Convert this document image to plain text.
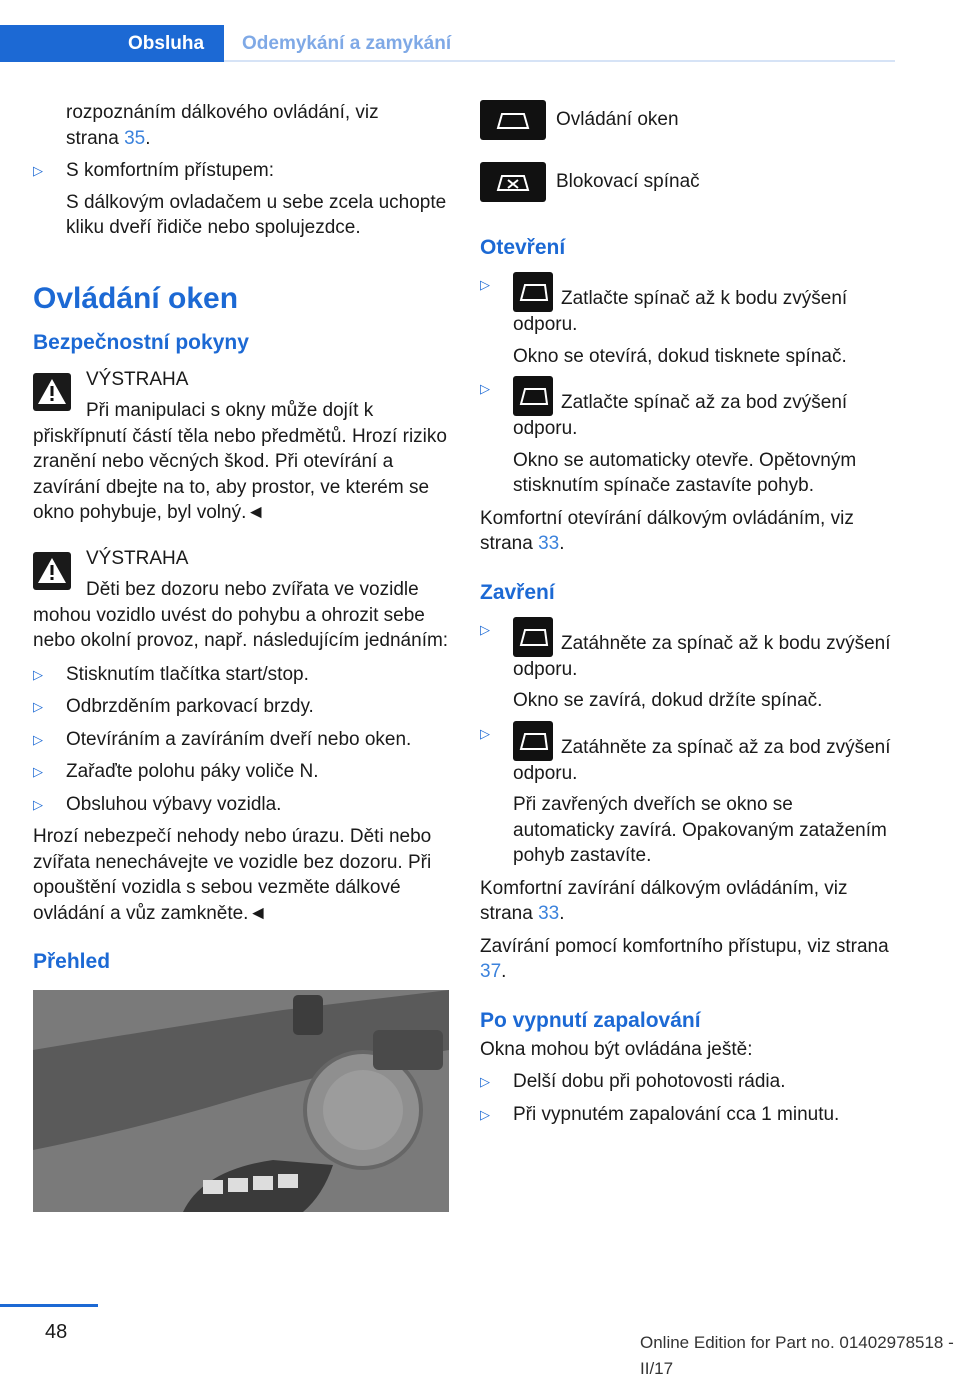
Obsluha	Odemykání a zamykání
rozpoznáním dálkového ovládání, viz
strana 35.
▷ S komfortním přístupem:
S dálkovým ovladačem u sebe zcela uchopte kliku dveří řidiče nebo spolujezdce.
Ovládání oken
Bezpečnostní pokyny
VÝSTRAHA
Při manipulaci s okny může dojít k přiskřípnutí částí těla nebo předmětů. Hrozí riziko zranění nebo věcných škod. Při otevírání a zavírání dbejte na to, aby prostor, ve kterém se okno pohybuje, byl volný.◄
VÝSTRAHA
Děti bez dozoru nebo zvířata ve vozidle mohou vozidlo uvést do pohybu a ohrozit sebe nebo okolní provoz, např. následujícím jednáním:
▷ Stisknutím tlačítka start/stop.
▷ Odbrzděním parkovací brzdy.
▷ Otevíráním a zavíráním dveří nebo oken.
▷ Zařaďte polohu páky voliče N.
▷ Obsluhou výbavy vozidla.
Hrozí nebezpečí nehody nebo úrazu. Děti nebo zvířata nenechávejte ve vozidle bez dozoru. Při opouštění vozidla s sebou vezměte dálkové ovládání a vůz zamkněte.◄
Přehled
Ovládání oken
Blokovací spínač
Otevření
▷
Zatlačte spínač až k bodu zvýšení odporu.
Okno se otevírá, dokud tisknete spínač.
▷
Zatlačte spínač až za bod zvýšení odporu.
Okno se automaticky otevře. Opětovným stisknutím spínače zastavíte pohyb.
Komfortní otevírání dálkovým ovládáním, viz strana 33.
Zavření
▷
Zatáhněte za spínač až k bodu zvýšení odporu.
Okno se zavírá, dokud držíte spínač.
▷
Zatáhněte za spínač až za bod zvýšení odporu.
Při zavřených dveřích se okno se automaticky zavírá. Opakovaným zatažením pohyb zastavíte.
Komfortní zavírání dálkovým ovládáním, viz strana 33.
Zavírání pomocí komfortního přístupu, viz strana 37.
Po vypnutí zapalování
Okna mohou být ovládána ještě:
▷ Delší dobu při pohotovosti rádia.
▷ Při vypnutém zapalování cca 1 minutu.
48	Online Edition for Part no. 01402978518 - II/17
